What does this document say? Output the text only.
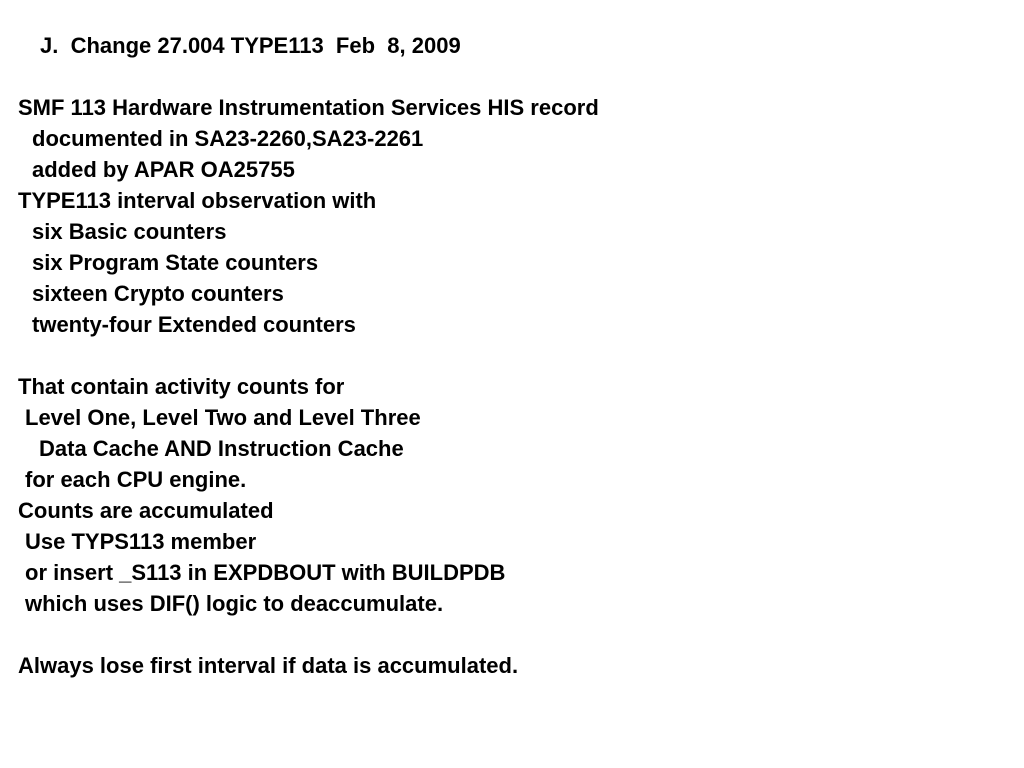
J.  Change 27.004 TYPE113  Feb  8, 2009
SMF 113 Hardware Instrumentation Services HIS record
documented in SA23-2260,SA23-2261
added by APAR OA25755
TYPE113 interval observation with
six Basic counters
six Program State counters
sixteen Crypto counters
twenty-four Extended counters
That contain activity counts for
Level One, Level Two and Level Three
Data Cache AND Instruction Cache
for each CPU engine.
Counts are accumulated
Use TYPS113 member
or insert _S113 in EXPDBOUT with BUILDPDB
which uses DIF() logic to deaccumulate.
Always lose first interval if data is accumulated.
